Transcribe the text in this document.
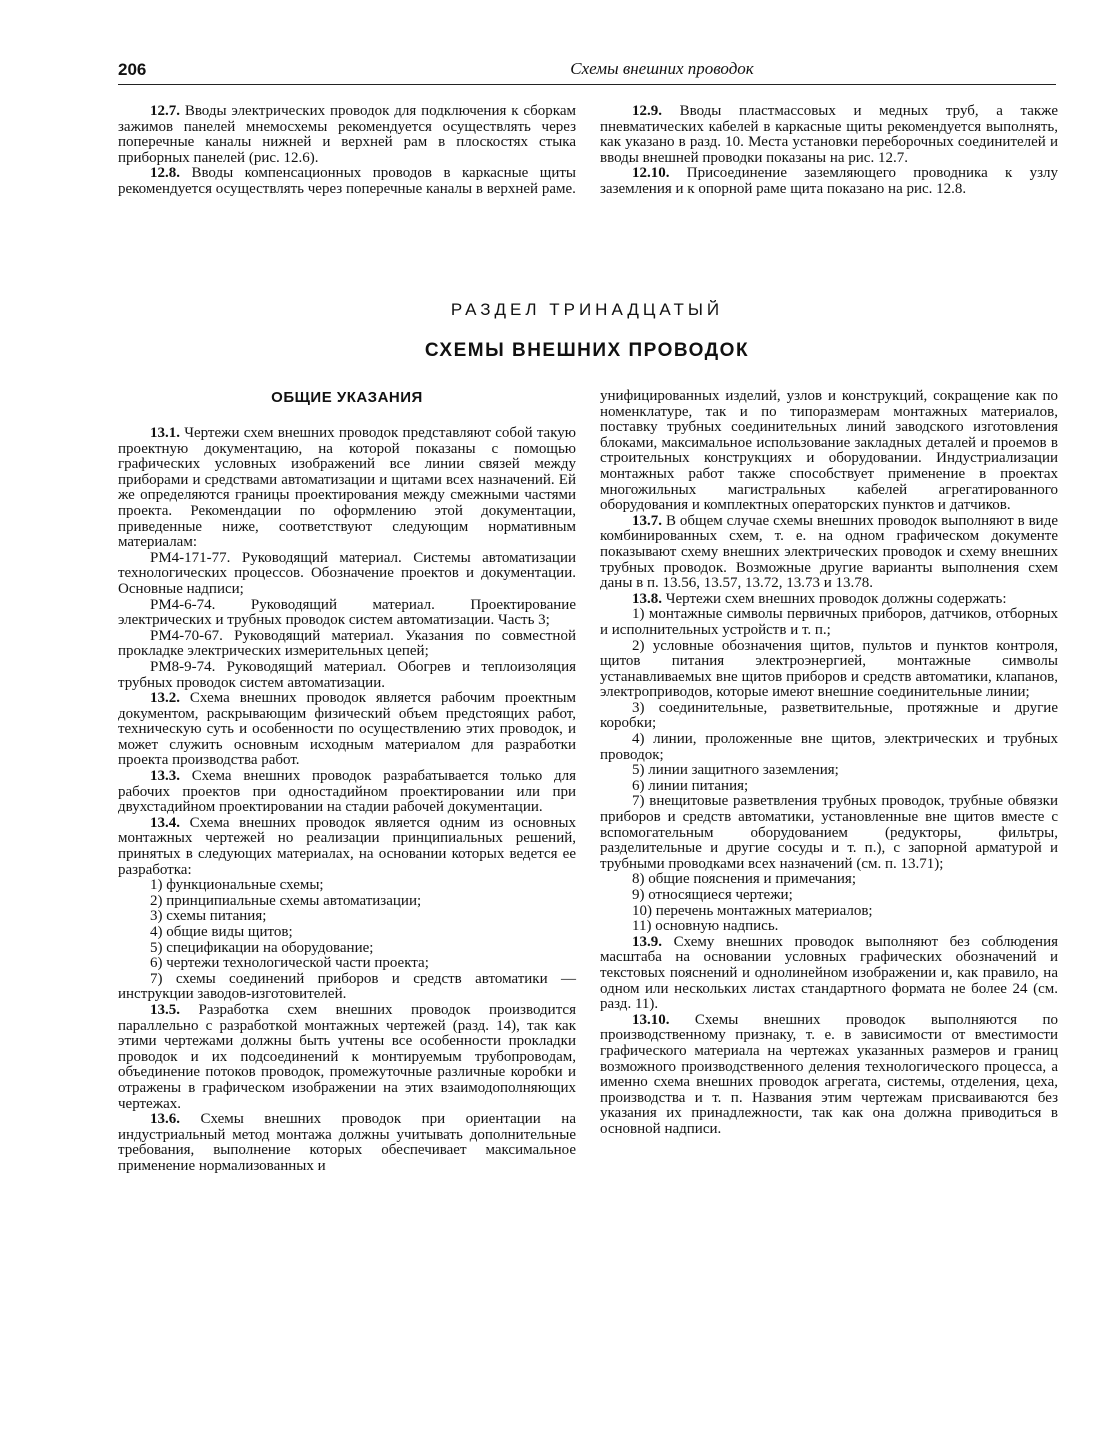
206	Схемы внешних проводок

12.7. Вводы электрических проводок для подключения к сборкам зажимов панелей мнемосхемы рекомендуется осуществлять через поперечные каналы нижней и верхней рам в плоскостях стыка приборных панелей (рис. 12.6).

12.8. Вводы компенсационных проводов в каркасные щиты рекомендуется осуществлять через поперечные каналы в верхней раме.

12.9. Вводы пластмассовых и медных труб, а также пневматических кабелей в каркасные щиты рекомендуется выполнять, как указано в разд. 10. Места установки переборочных соединителей и вводы внешней проводки показаны на рис. 12.7.

12.10. Присоединение заземляющего проводника к узлу заземления и к опорной раме щита показано на рис. 12.8.

РАЗДЕЛ ТРИНАДЦАТЫЙ
СХЕМЫ ВНЕШНИХ ПРОВОДОК
ОБЩИЕ УКАЗАНИЯ

13.1. Чертежи схем внешних проводок представляют собой такую проектную документацию, на которой показаны с помощью графических условных изображений все линии связей между приборами и средствами автоматизации и щитами всех назначений. Ей же определяются границы проектирования между смежными частями проекта. Рекомендации по оформлению этой документации, приведенные ниже, соответствуют следующим нормативным материалам:

РМ4-171-77. Руководящий материал. Системы автоматизации технологических процессов. Обозначение проектов и документации. Основные надписи;

РМ4-6-74. Руководящий материал. Проектирование электрических и трубных проводок систем автоматизации. Часть 3;

РМ4-70-67. Руководящий материал. Указания по совместной прокладке электрических измерительных цепей;

РМ8-9-74. Руководящий материал. Обогрев и теплоизоляция трубных проводок систем автоматизации.

13.2. Схема внешних проводок является рабочим проектным документом, раскрывающим физический объем предстоящих работ, техническую суть и особенности по осуществлению этих проводок, и может служить основным исходным материалом для разработки проекта производства работ.

13.3. Схема внешних проводок разрабатывается только для рабочих проектов при одностадийном проектировании или при двухстадийном проектировании на стадии рабочей документации.

13.4. Схема внешних проводок является одним из основных монтажных чертежей но реализации принципиальных решений, принятых в следующих материалах, на основании которых ведется ее разработка:

1) функциональные схемы;

2) принципиальные схемы автоматизации;

3) схемы питания;

4) общие виды щитов;

5) спецификации на оборудование;

6) чертежи технологической части проекта;

7) схемы соединений приборов и средств автоматики — инструкции заводов-изготовителей.

13.5. Разработка схем внешних проводок производится параллельно с разработкой монтажных чертежей (разд. 14), так как этими чертежами должны быть учтены все особенности прокладки проводок и их подсоединений к монтируемым трубопроводам, объединение потоков проводок, промежуточные различные коробки и отражены в графическом изображении на этих взаимодополняющих чертежах.

13.6. Схемы внешних проводок при ориентации на индустриальный метод монтажа должны учитывать дополнительные требования, выполнение которых обеспечивает максимальное применение нормализованных и

унифицированных изделий, узлов и конструкций, сокращение как по номенклатуре, так и по типоразмерам монтажных материалов, поставку трубных соединительных линий заводского изготовления блоками, максимальное использование закладных деталей и проемов в строительных конструкциях и оборудовании. Индустриализации монтажных работ также способствует применение в проектах многожильных магистральных кабелей агрегатированного оборудования и комплектных операторских пунктов и датчиков.

13.7. В общем случае схемы внешних проводок выполняют в виде комбинированных схем, т. е. на одном графическом документе показывают схему внешних электрических проводок и схему внешних трубных проводок. Возможные другие варианты выполнения схем даны в п. 13.56, 13.57, 13.72, 13.73 и 13.78.

13.8. Чертежи схем внешних проводок должны содержать:

1) монтажные символы первичных приборов, датчиков, отборных и исполнительных устройств и т. п.;

2) условные обозначения щитов, пультов и пунктов контроля, щитов питания электроэнергией, монтажные символы устанавливаемых вне щитов приборов и средств автоматики, клапанов, электроприводов, которые имеют внешние соединительные линии;

3) соединительные, разветвительные, протяжные и другие коробки;

4) линии, проложенные вне щитов, электрических и трубных проводок;

5) линии защитного заземления;

6) линии питания;

7) внещитовые разветвления трубных проводок, трубные обвязки приборов и средств автоматики, установленные вне щитов вместе с вспомогательным оборудованием (редукторы, фильтры, разделительные и другие сосуды и т. п.), с запорной арматурой и трубными проводками всех назначений (см. п. 13.71);

8) общие пояснения и примечания;

9) относящиеся чертежи;

10) перечень монтажных материалов;

11) основную надпись.

13.9. Схему внешних проводок выполняют без соблюдения масштаба на основании условных графических обозначений и текстовых пояснений и однолинейном изображении и, как правило, на одном или нескольких листах стандартного формата не более 24 (см. разд. 11).

13.10. Схемы внешних проводок выполняются по производственному признаку, т. е. в зависимости от вместимости графического материала на чертежах указанных размеров и границ возможного производственного деления технологического процесса, а именно схема внешних проводок агрегата, системы, отделения, цеха, производства и т. п. Названия этим чертежам присваиваются без указания их принадлежности, так как она должна приводиться в основной надписи.
